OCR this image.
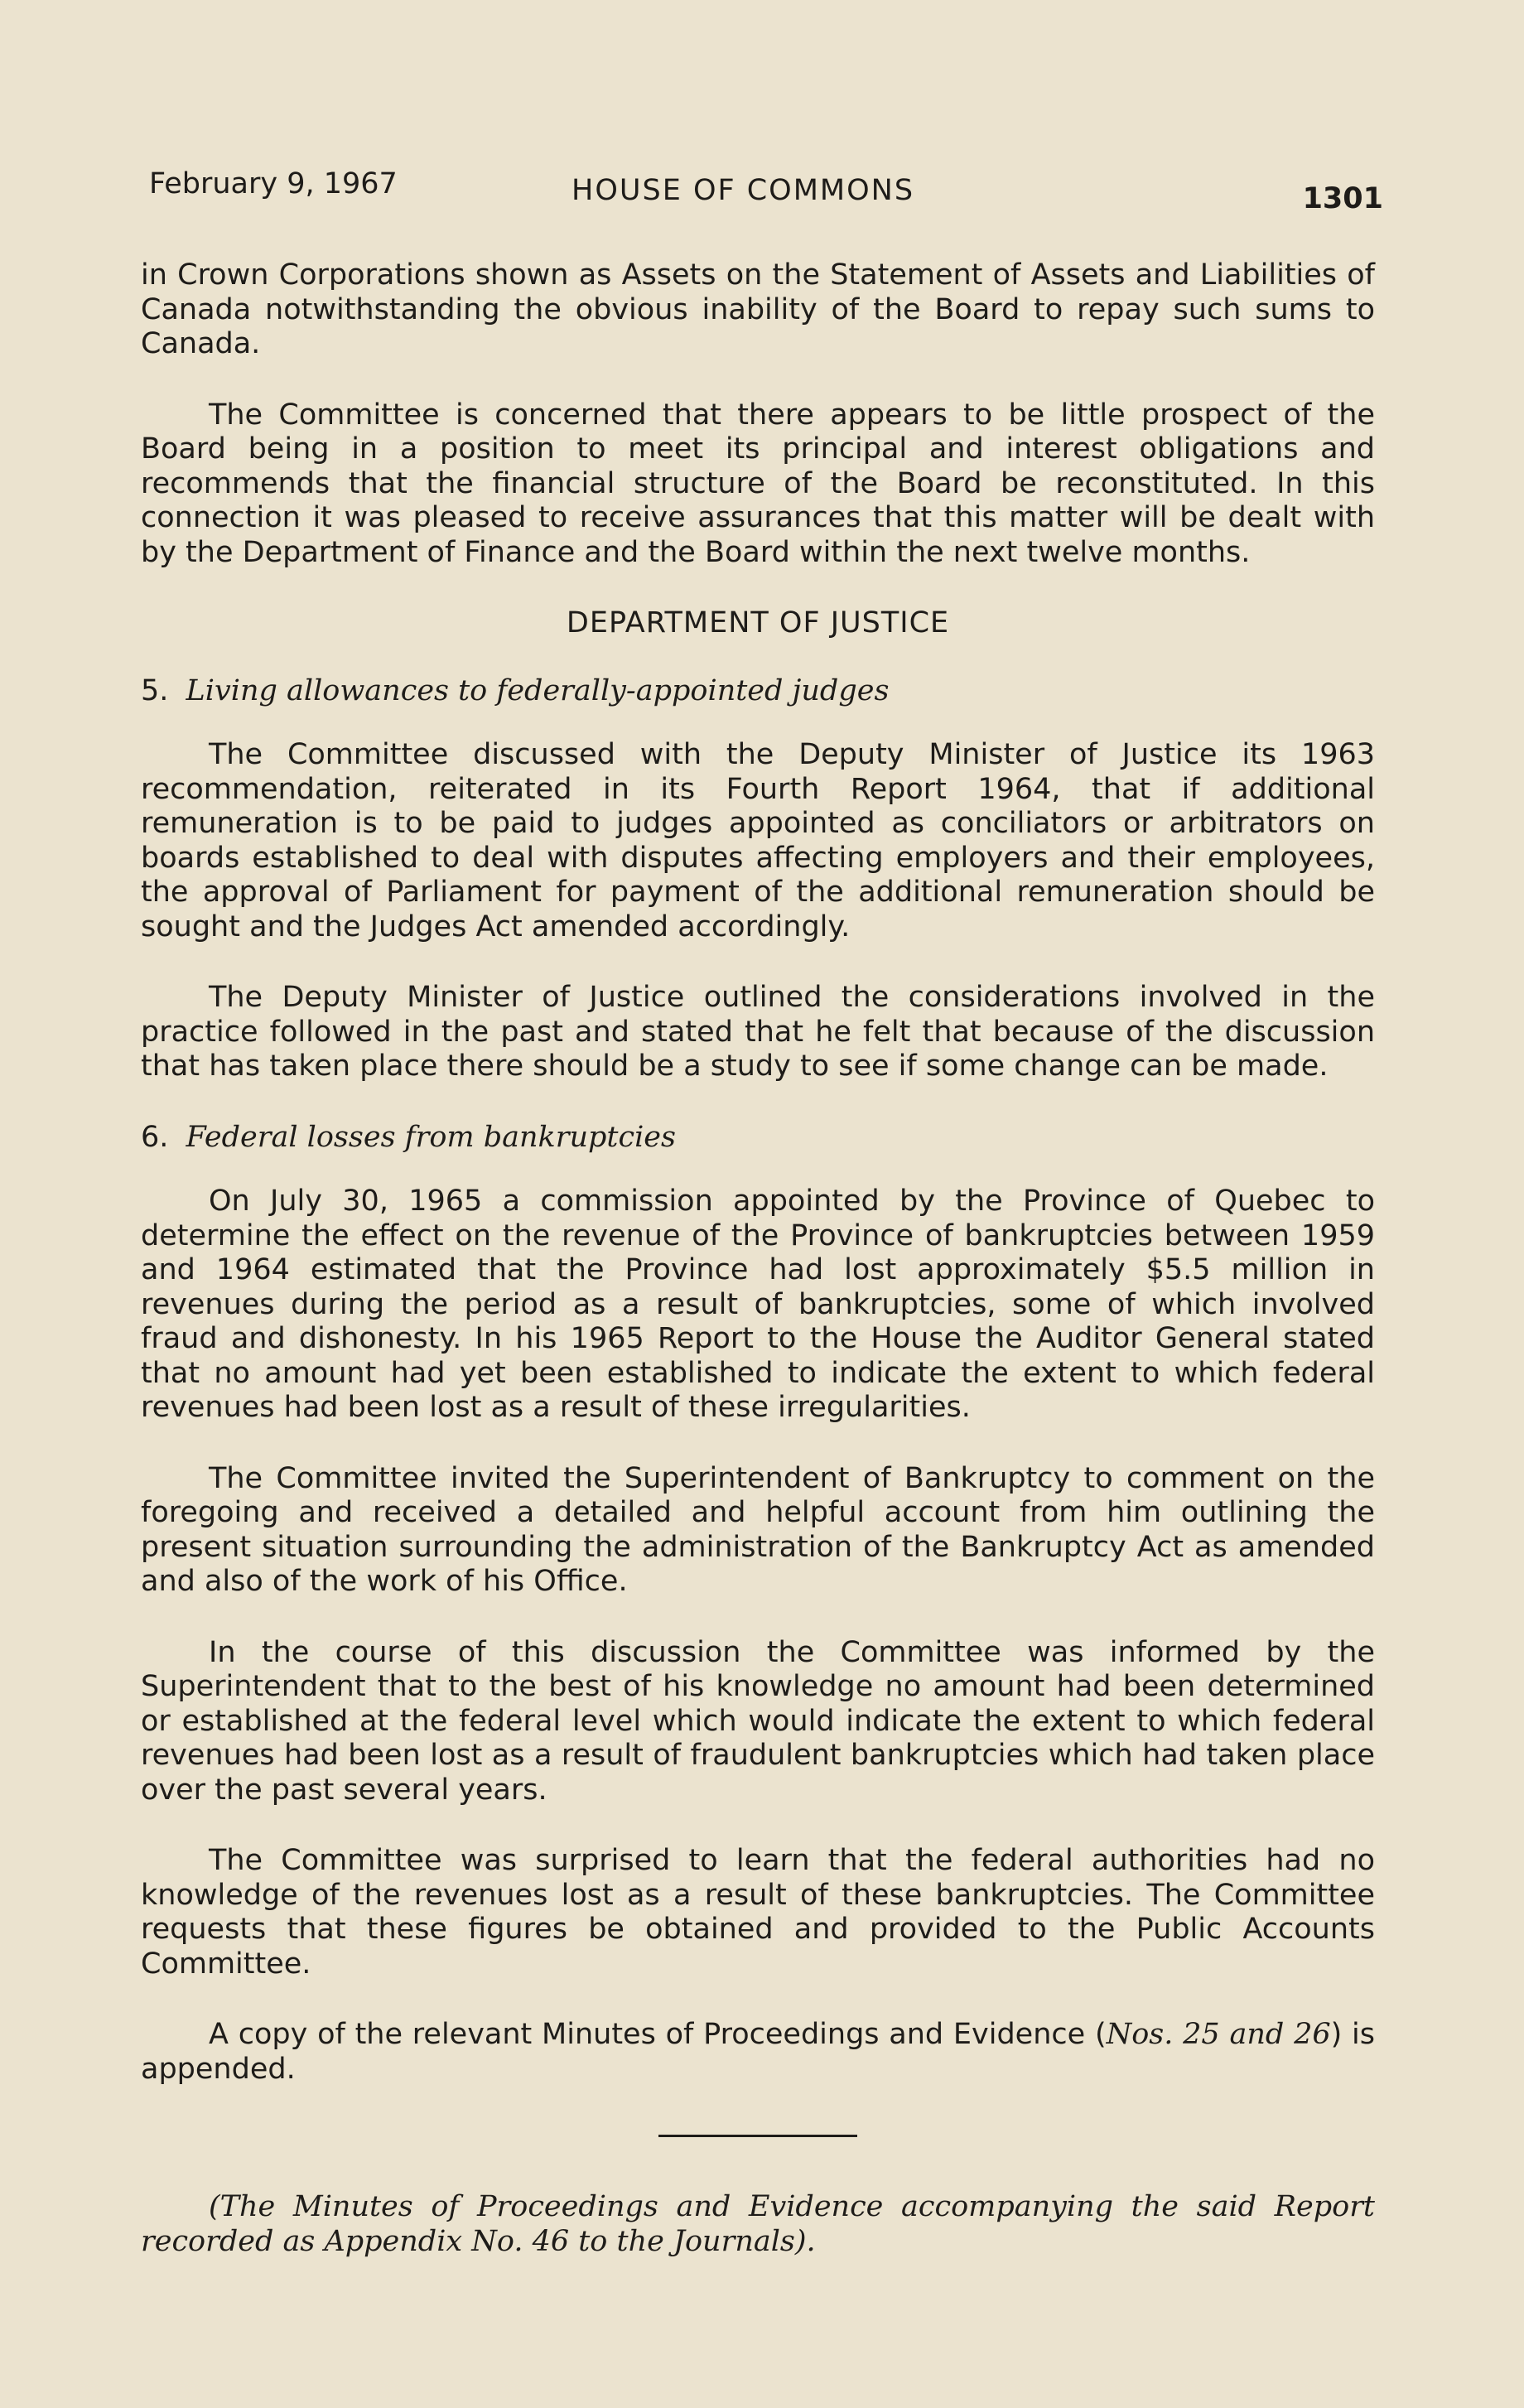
February 9, 1967	HOUSE OF COMMONS	1301

in Crown Corporations shown as Assets on the Statement of Assets and Liabilities of Canada notwithstanding the obvious inability of the Board to repay such sums to Canada.

The Committee is concerned that there appears to be little prospect of the Board being in a position to meet its principal and interest obligations and recommends that the financial structure of the Board be reconstituted. In this connection it was pleased to receive assurances that this matter will be dealt with by the Department of Finance and the Board within the next twelve months.

DEPARTMENT OF JUSTICE
5. Living allowances to federally-appointed judges

The Committee discussed with the Deputy Minister of Justice its 1963 recommendation, reiterated in its Fourth Report 1964, that if additional remuneration is to be paid to judges appointed as conciliators or arbitrators on boards established to deal with disputes affecting employers and their employees, the approval of Parliament for payment of the additional remuneration should be sought and the Judges Act amended accordingly.

The Deputy Minister of Justice outlined the considerations involved in the practice followed in the past and stated that he felt that because of the discussion that has taken place there should be a study to see if some change can be made.

6. Federal losses from bankruptcies

On July 30, 1965 a commission appointed by the Province of Quebec to determine the effect on the revenue of the Province of bankruptcies between 1959 and 1964 estimated that the Province had lost approximately $5.5 million in revenues during the period as a result of bankruptcies, some of which involved fraud and dishonesty. In his 1965 Report to the House the Auditor General stated that no amount had yet been established to indicate the extent to which federal revenues had been lost as a result of these irregularities.

The Committee invited the Superintendent of Bankruptcy to comment on the foregoing and received a detailed and helpful account from him outlining the present situation surrounding the administration of the Bankruptcy Act as amended and also of the work of his Office.

In the course of this discussion the Committee was informed by the Superintendent that to the best of his knowledge no amount had been determined or established at the federal level which would indicate the extent to which federal revenues had been lost as a result of fraudulent bankruptcies which had taken place over the past several years.

The Committee was surprised to learn that the federal authorities had no knowledge of the revenues lost as a result of these bankruptcies. The Committee requests that these figures be obtained and provided to the Public Accounts Committee.

A copy of the relevant Minutes of Proceedings and Evidence (Nos. 25 and 26) is appended.

(The Minutes of Proceedings and Evidence accompanying the said Report recorded as Appendix No. 46 to the Journals).
